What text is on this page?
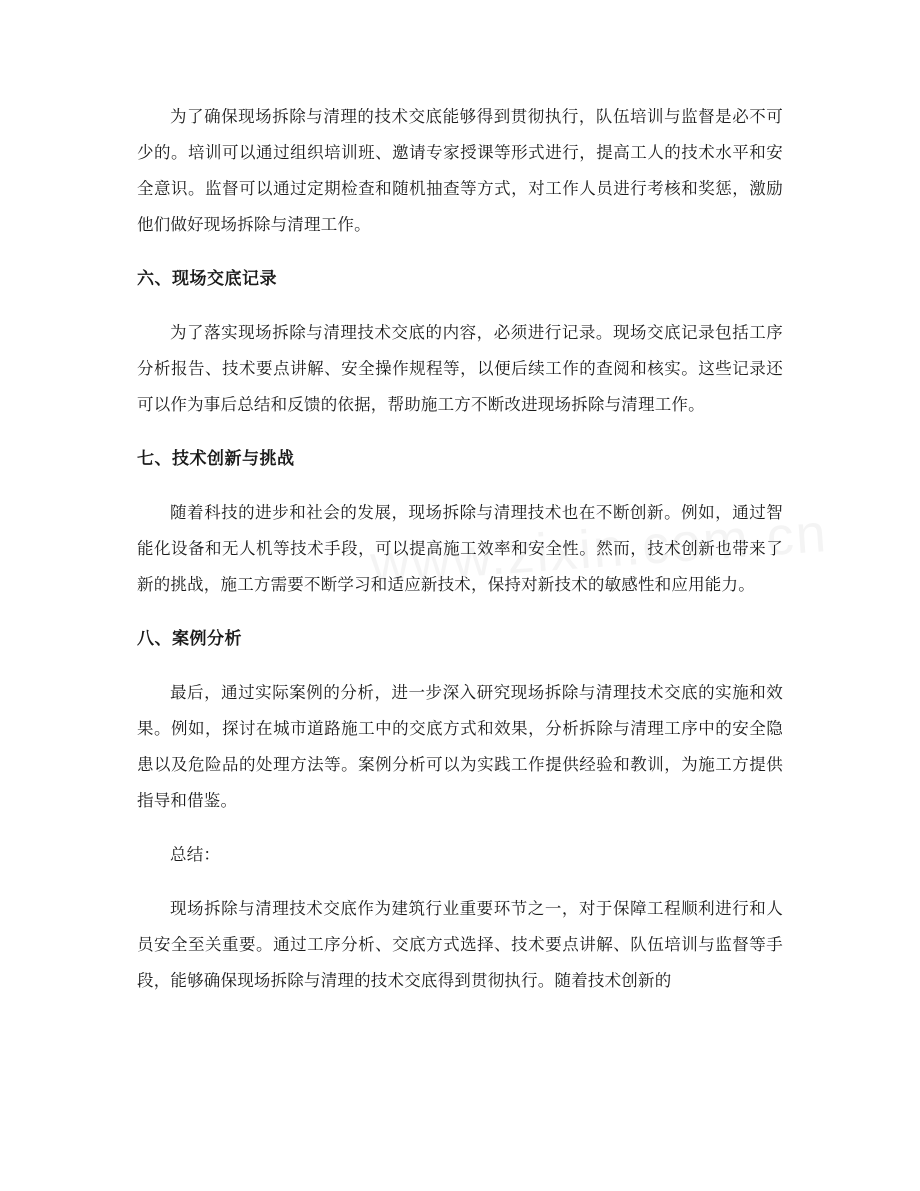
为了确保现场拆除与清理的技术交底能够得到贯彻执行，队伍培训与监督是必不可少的。培训可以通过组织培训班、邀请专家授课等形式进行，提高工人的技术水平和安全意识。监督可以通过定期检查和随机抽查等方式，对工作人员进行考核和奖惩，激励他们做好现场拆除与清理工作。

六、现场交底记录

为了落实现场拆除与清理技术交底的内容，必须进行记录。现场交底记录包括工序分析报告、技术要点讲解、安全操作规程等，以便后续工作的查阅和核实。这些记录还可以作为事后总结和反馈的依据，帮助施工方不断改进现场拆除与清理工作。

七、技术创新与挑战

随着科技的进步和社会的发展，现场拆除与清理技术也在不断创新。例如，通过智能化设备和无人机等技术手段，可以提高施工效率和安全性。然而，技术创新也带来了新的挑战，施工方需要不断学习和适应新技术，保持对新技术的敏感性和应用能力。

八、案例分析

最后，通过实际案例的分析，进一步深入研究现场拆除与清理技术交底的实施和效果。例如，探讨在城市道路施工中的交底方式和效果，分析拆除与清理工序中的安全隐患以及危险品的处理方法等。案例分析可以为实践工作提供经验和教训，为施工方提供指导和借鉴。

总结：

现场拆除与清理技术交底作为建筑行业重要环节之一，对于保障工程顺利进行和人员安全至关重要。通过工序分析、交底方式选择、技术要点讲解、队伍培训与监督等手段，能够确保现场拆除与清理的技术交底得到贯彻执行。随着技术创新的
